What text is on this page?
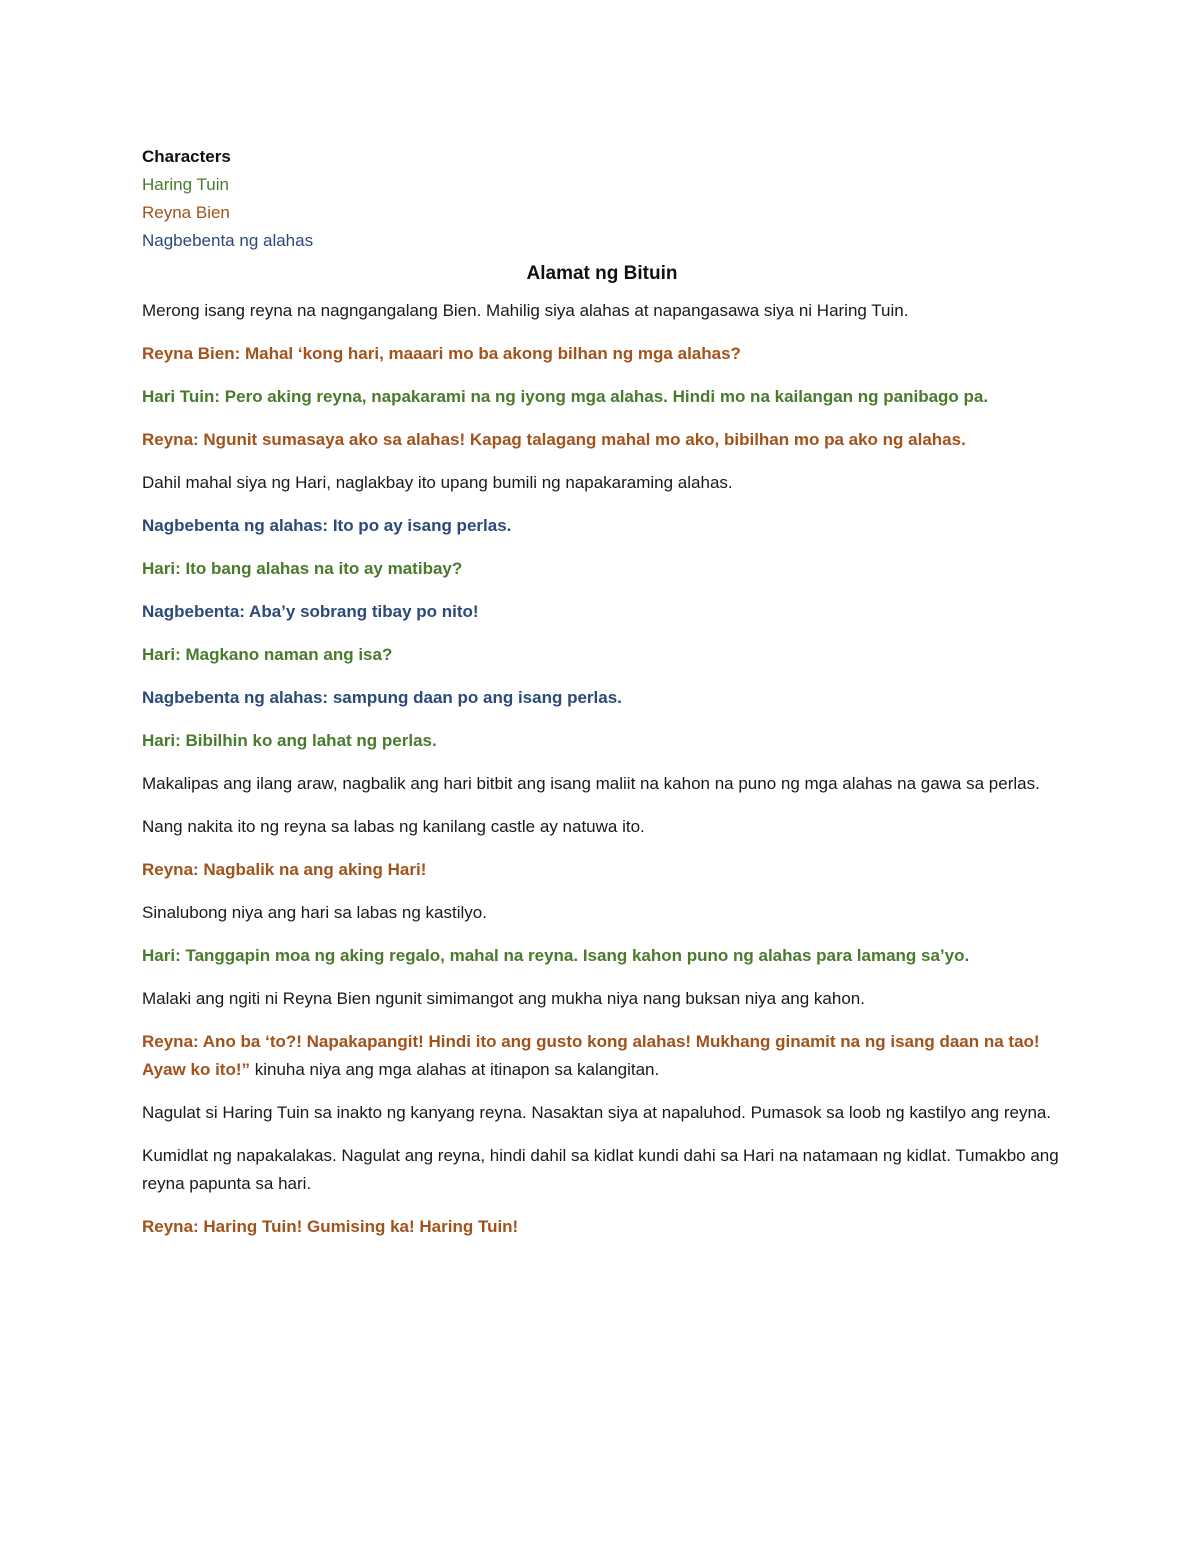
Characters
Haring Tuin
Reyna Bien
Nagbebenta ng alahas
Alamat ng Bituin

Merong isang reyna na nagngangalang Bien. Mahilig siya alahas at napangasawa siya ni Haring Tuin.

Reyna Bien: Mahal ‘kong hari, maaari mo ba akong bilhan ng mga alahas?

Hari Tuin: Pero aking reyna, napakarami na ng iyong mga alahas. Hindi mo na kailangan ng panibago pa.

Reyna: Ngunit sumasaya ako sa alahas! Kapag talagang mahal mo ako, bibilhan mo pa ako ng alahas.

Dahil mahal siya ng Hari, naglakbay ito upang bumili ng napakaraming alahas.

Nagbebenta ng alahas: Ito po ay isang perlas.

Hari: Ito bang alahas na ito ay matibay?

Nagbebenta: Aba’y sobrang tibay po nito!

Hari: Magkano naman ang isa?

Nagbebenta ng alahas: sampung daan po ang isang perlas.

Hari: Bibilhin ko ang lahat ng perlas.

Makalipas ang ilang araw, nagbalik ang hari bitbit ang isang maliit na kahon na puno ng mga alahas na gawa sa perlas.

Nang nakita ito ng reyna sa labas ng kanilang castle ay natuwa ito.

Reyna: Nagbalik na ang aking Hari!

Sinalubong niya ang hari sa labas ng kastilyo.

Hari: Tanggapin moa ng aking regalo, mahal na reyna. Isang kahon puno ng alahas para lamang sa’yo.

Malaki ang ngiti ni Reyna Bien ngunit simimangot ang mukha niya nang buksan niya ang kahon.

Reyna: Ano ba ‘to?! Napakapangit! Hindi ito ang gusto kong alahas! Mukhang ginamit na ng isang daan na tao! Ayaw ko ito!” kinuha niya ang mga alahas at itinapon sa kalangitan.

Nagulat si Haring Tuin sa inakto ng kanyang reyna. Nasaktan siya at napaluhod. Pumasok sa loob ng kastilyo ang reyna.

Kumidlat ng napakalakas. Nagulat ang reyna, hindi dahil sa kidlat kundi dahi sa Hari na natamaan ng kidlat. Tumakbo ang reyna papunta sa hari.

Reyna: Haring Tuin! Gumising ka! Haring Tuin!
